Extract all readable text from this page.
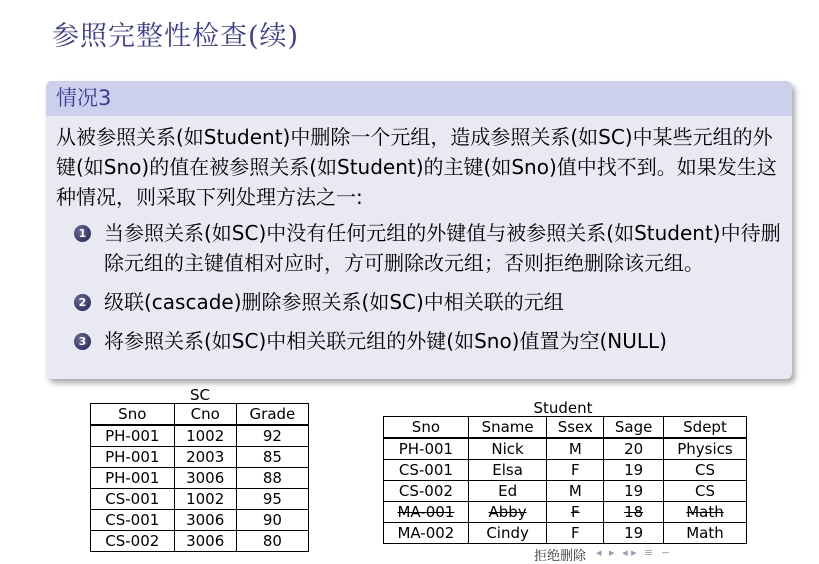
参照完整性检查(续)
情况3

从被参照关系(如Student)中删除一个元组，造成参照关系(如SC)中某些元组的外键(如Sno)的值在被参照关系(如Student)的主键(如Sno)值中找不到。如果发生这种情况，则采取下列处理方法之一:

1 当参照关系(如SC)中没有任何元组的外键值与被参照关系(如Student)中待删除元组的主键值相对应时，方可删除改元组；否则拒绝删除该元组。
2 级联(cascade)删除参照关系(如SC)中相关联的元组
3 将参照关系(如SC)中相关联元组的外键(如Sno)值置为空(NULL)
SC
Sno	Cno	Grade
PH-001	1002	92
PH-001	2003	85
PH-001	3006	88
CS-001	1002	95
CS-001	3006	90
CS-002	3006	80
Student
Sno	Sname	Ssex	Sage	Sdept
PH-001	Nick	M	20	Physics
CS-001	Elsa	F	19	CS
CS-002	Ed	M	19	CS
MA-001	Abby	F	18	Math
MA-002	Cindy	F	19	Math
拒绝删除 ◂ ▸ ◂ ▸ ≡ ∽
